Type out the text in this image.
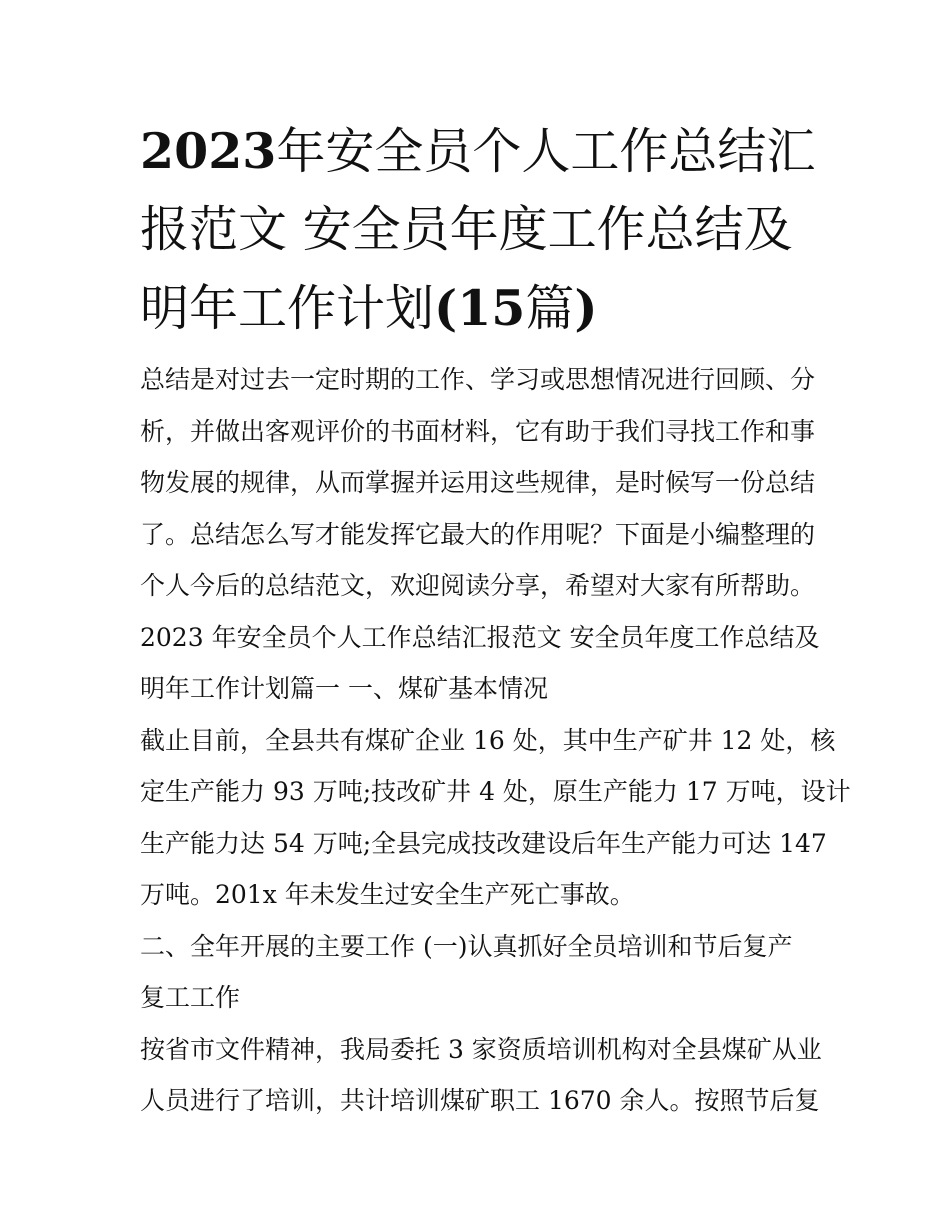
2023年安全员个人工作总结汇
报范文 安全员年度工作总结及
明年工作计划(15篇)
总结是对过去一定时期的工作、学习或思想情况进行回顾、分
析，并做出客观评价的书面材料，它有助于我们寻找工作和事
物发展的规律，从而掌握并运用这些规律，是时候写一份总结
了。总结怎么写才能发挥它最大的作用呢？下面是小编整理的
个人今后的总结范文，欢迎阅读分享，希望对大家有所帮助。
2023 年安全员个人工作总结汇报范文 安全员年度工作总结及
明年工作计划篇一 一、煤矿基本情况
截止目前，全县共有煤矿企业 16 处，其中生产矿井 12 处，核
定生产能力 93 万吨;技改矿井 4 处，原生产能力 17 万吨，设计
生产能力达 54 万吨;全县完成技改建设后年生产能力可达 147
万吨。201x 年未发生过安全生产死亡事故。
二、全年开展的主要工作 (一)认真抓好全员培训和节后复产
复工工作
按省市文件精神，我局委托 3 家资质培训机构对全县煤矿从业
人员进行了培训，共计培训煤矿职工 1670 余人。按照节后复
